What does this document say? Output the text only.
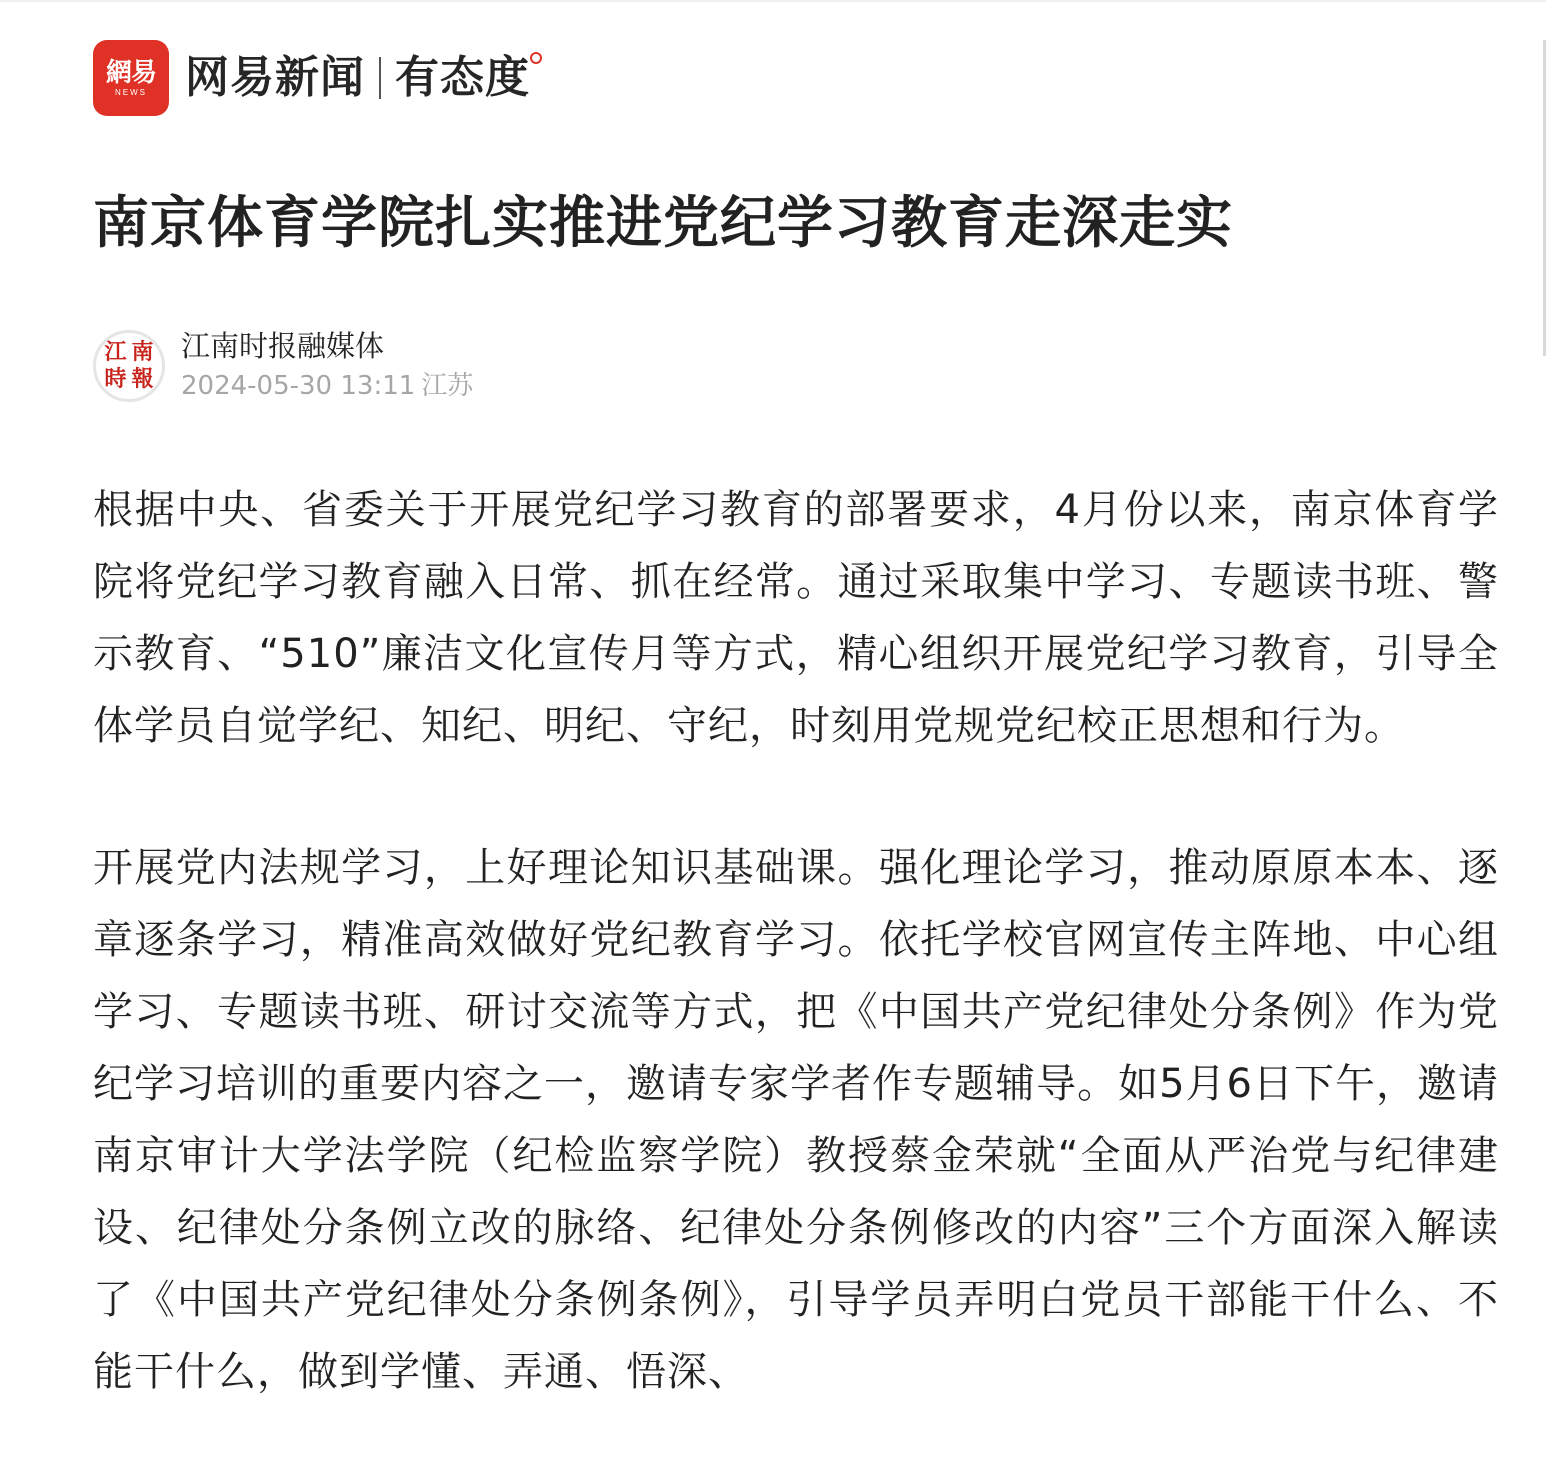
網易
NEWS 网易新闻 有态度
南京体育学院扎实推进党纪学习教育走深走实
江 南
時 報
江南时报融媒体
2024-05-30 13:11 江苏

根据中央、省委关于开展党纪学习教育的部署要求，4月份以来，南京体育学院将党纪学习教育融入日常、抓在经常。通过采取集中学习、专题读书班、警示教育、“510”廉洁文化宣传月等方式，精心组织开展党纪学习教育，引导全体学员自觉学纪、知纪、明纪、守纪，时刻用党规党纪校正思想和行为。

开展党内法规学习，上好理论知识基础课。强化理论学习，推动原原本本、逐章逐条学习，精准高效做好党纪教育学习。依托学校官网宣传主阵地、中心组学习、专题读书班、研讨交流等方式，把《中国共产党纪律处分条例》作为党纪学习培训的重要内容之一，邀请专家学者作专题辅导。如5月6日下午，邀请南京审计大学法学院（纪检监察学院）教授蔡金荣就“全面从严治党与纪律建设、纪律处分条例立改的脉络、纪律处分条例修改的内容”三个方面深入解读了《中国共产党纪律处分条例条例》，引导学员弄明白党员干部能干什么、不能干什么，做到学懂、弄通、悟深、
